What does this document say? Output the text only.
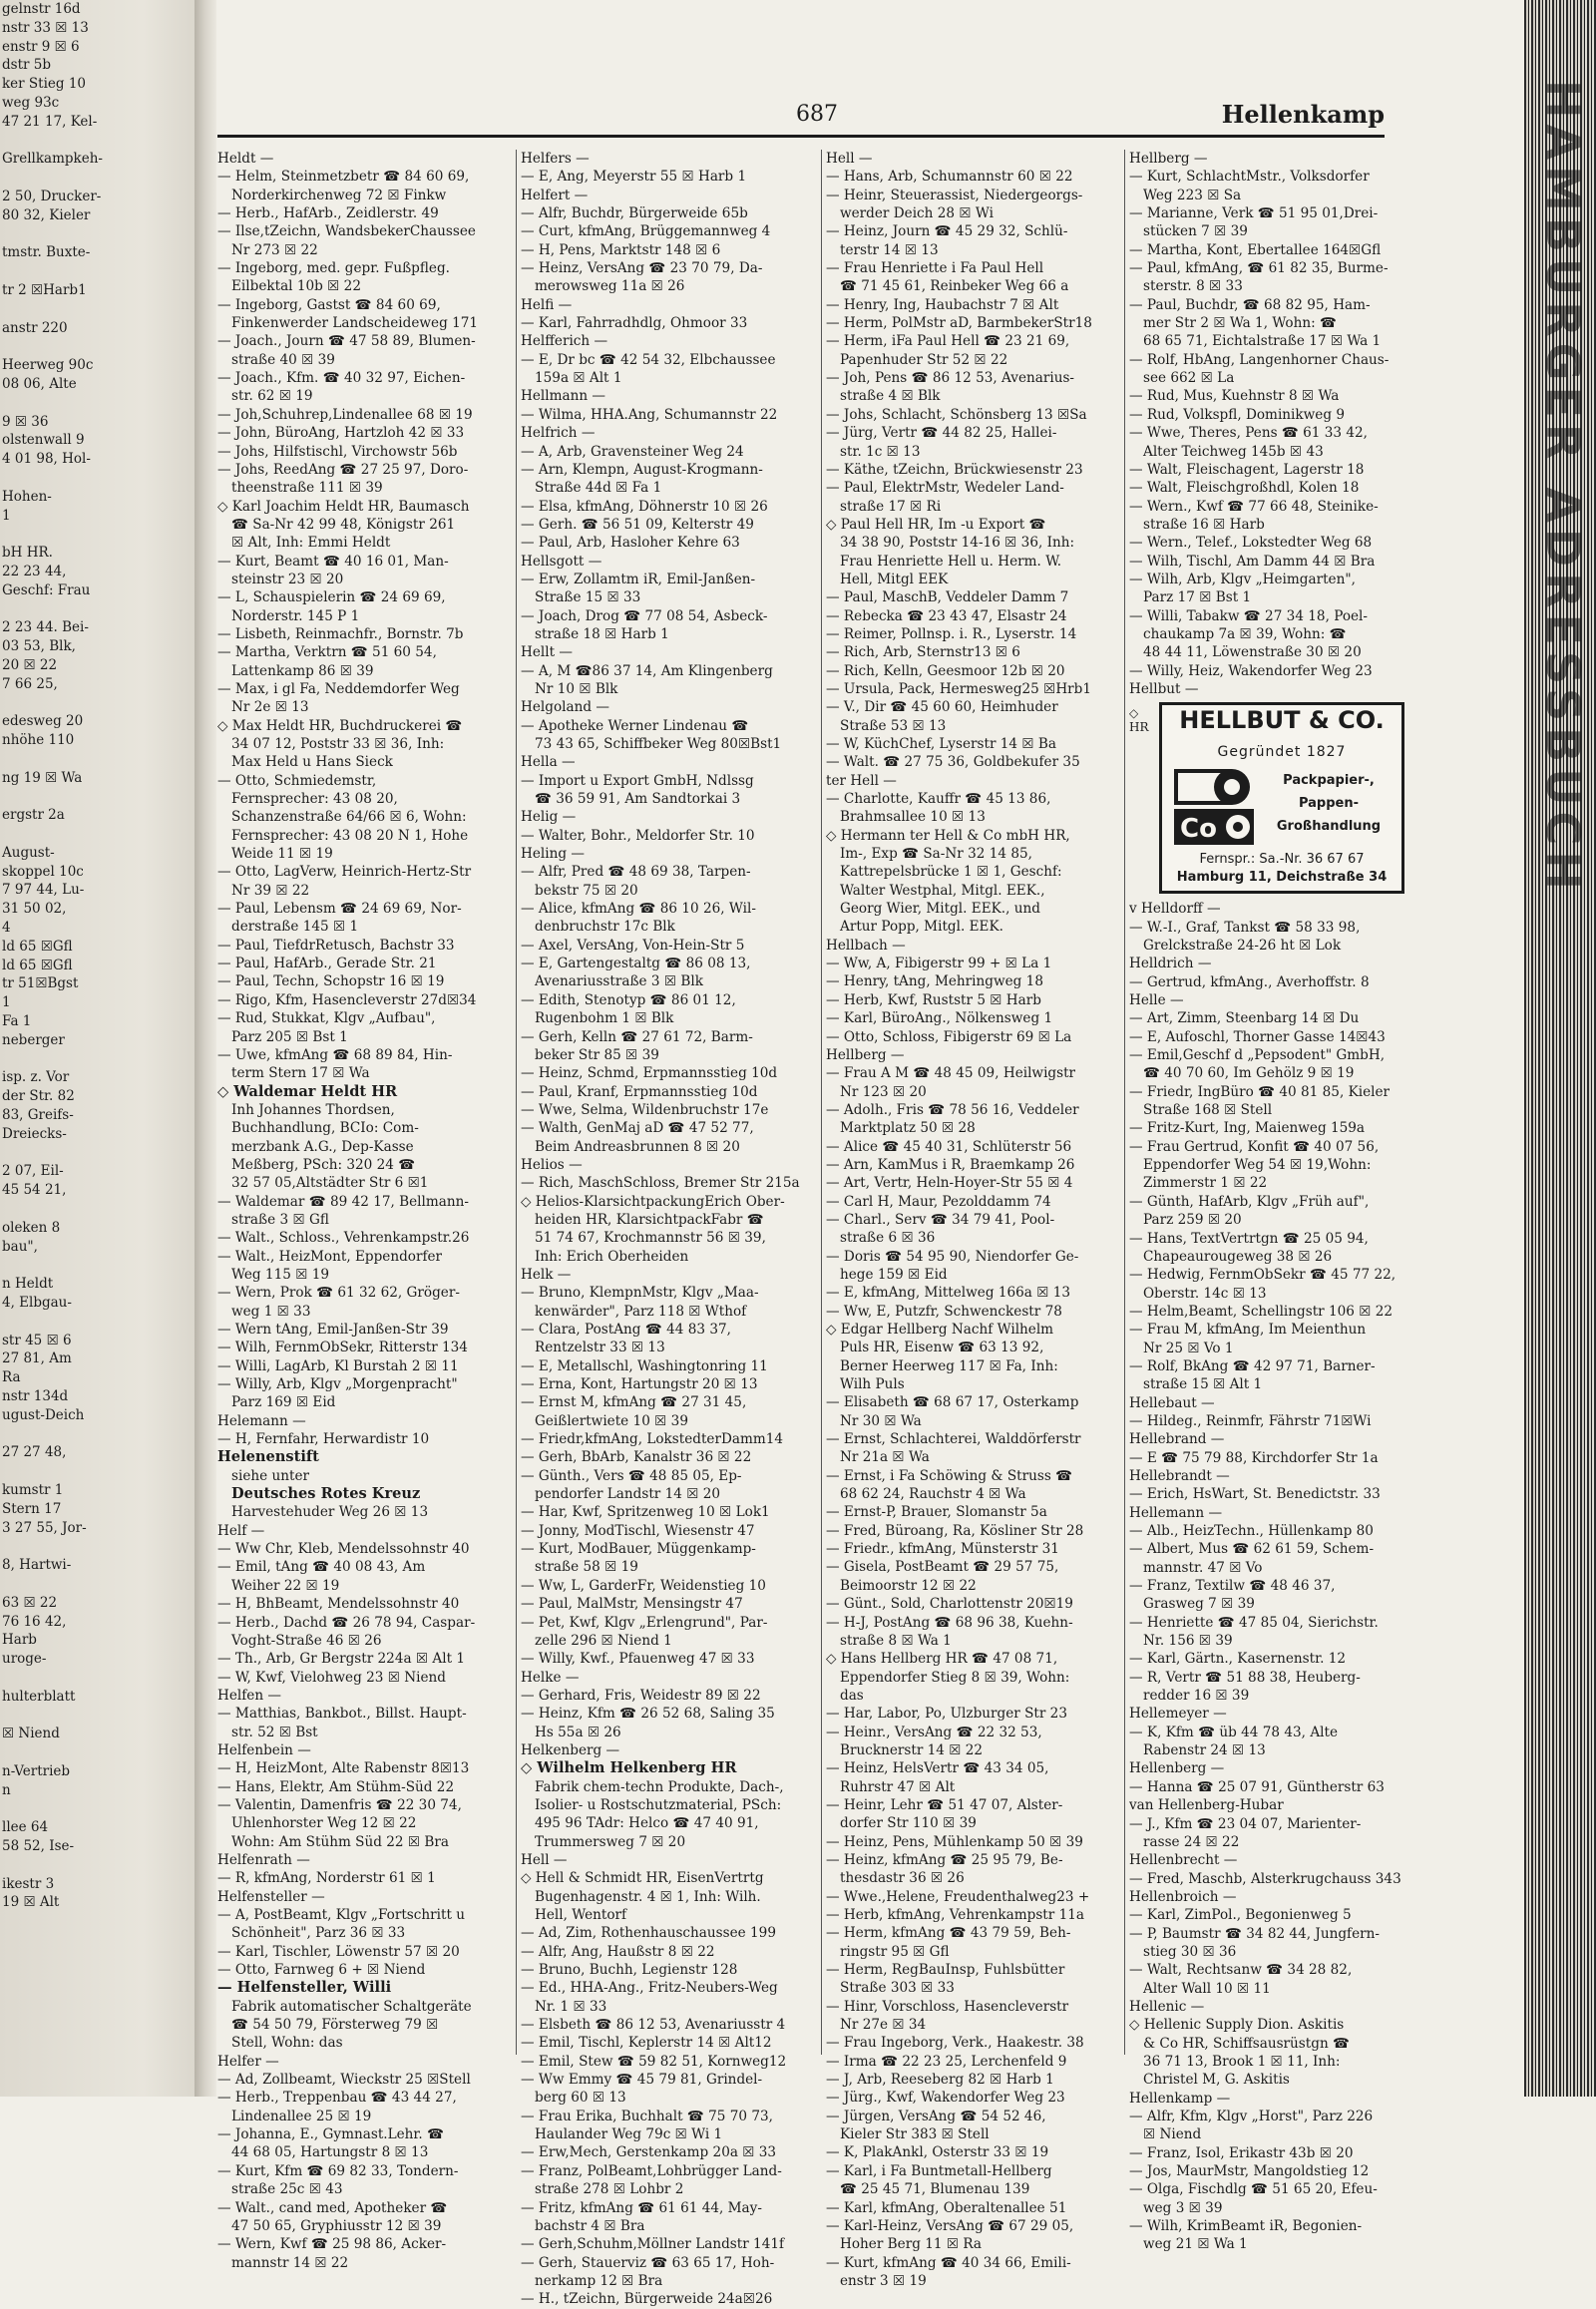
gelnstr 16d
nstr 33 ☒ 13
enstr 9 ☒ 6
dstr 5b
ker Stieg 10
weg 93c
47 21 17, Kel-

Grellkampkeh-

2 50, Drucker-
80 32, Kieler

tmstr. Buxte-

tr 2 ☒Harb1

anstr 220

Heerweg 90c
08 06, Alte

9 ☒ 36
olstenwall 9
4 01 98, Hol-

Hohen-
1

bH HR.
22 23 44,
Geschf: Frau

2 23 44. Bei-
03 53, Blk,
20 ☒ 22
7 66 25,

edesweg 20
nhöhe 110

ng 19 ☒ Wa

ergstr 2a

August-
skoppel 10c
7 97 44, Lu-
31 50 02,
4
ld 65 ☒Gfl
ld 65 ☒Gfl
tr 51☒Bgst
1
Fa 1
neberger

isp. z. Vor
der Str. 82
83, Greifs-
Dreiecks-

2 07, Eil-
45 54 21,

oleken 8
bau",

n Heldt
4, Elbgau-

str 45 ☒ 6
27 81, Am
Ra
nstr 134d
ugust-Deich

27 27 48,

kumstr 1
Stern 17
3 27 55, Jor-

8, Hartwi-

63 ☒ 22
76 16 42,
Harb
uroge-

hulterblatt

☒ Niend

n-Vertrieb
n

llee 64
58 52, Ise-

ikestr 3
19 ☒ Alt
HAMBURGER ADRESSBUCH
687	Hellenkamp
Heldt —
— Helm, Steinmetzbetr ☎ 84 60 69,
Norderkirchenweg 72 ☒ Finkw
— Herb., HafArb., Zeidlerstr. 49
— Ilse,tZeichn, WandsbekerChaussee
Nr 273 ☒ 22
— Ingeborg, med. gepr. Fußpfleg.
Eilbektal 10b ☒ 22
— Ingeborg, Gastst ☎ 84 60 69,
Finkenwerder Landscheideweg 171
— Joach., Journ ☎ 47 58 89, Blumen-
straße 40 ☒ 39
— Joach., Kfm. ☎ 40 32 97, Eichen-
str. 62 ☒ 19
— Joh,Schuhrep,Lindenallee 68 ☒ 19
— John, BüroAng, Hartzloh 42 ☒ 33
— Johs, Hilfstischl, Virchowstr 56b
— Johs, ReedAng ☎ 27 25 97, Doro-
theenstraße 111 ☒ 39
◇ Karl Joachim Heldt HR, Baumasch
☎ Sa-Nr 42 99 48, Königstr 261
☒ Alt, Inh: Emmi Heldt
— Kurt, Beamt ☎ 40 16 01, Man-
steinstr 23 ☒ 20
— L, Schauspielerin ☎ 24 69 69,
Norderstr. 145 P 1
— Lisbeth, Reinmachfr., Bornstr. 7b
— Martha, Verktrn ☎ 51 60 54,
Lattenkamp 86 ☒ 39
— Max, i gl Fa, Neddemdorfer Weg
Nr 2e ☒ 13
◇ Max Heldt HR, Buchdruckerei ☎
34 07 12, Poststr 33 ☒ 36, Inh:
Max Held u Hans Sieck
— Otto, Schmiedemstr,
Fernsprecher: 43 08 20,
Schanzenstraße 64/66 ☒ 6, Wohn:
Fernsprecher: 43 08 20 N 1, Hohe
Weide 11 ☒ 19
— Otto, LagVerw, Heinrich-Hertz-Str
Nr 39 ☒ 22
— Paul, Lebensm ☎ 24 69 69, Nor-
derstraße 145 ☒ 1
— Paul, TiefdrRetusch, Bachstr 33
— Paul, HafArb., Gerade Str. 21
— Paul, Techn, Schopstr 16 ☒ 19
— Rigo, Kfm, Hasencleverstr 27d☒34
— Rud, Stukkat, Klgv „Aufbau",
Parz 205 ☒ Bst 1
— Uwe, kfmAng ☎ 68 89 84, Hin-
term Stern 17 ☒ Wa
◇ Waldemar Heldt HR
Inh Johannes Thordsen,
Buchhandlung, BCIo: Com-
merzbank A.G., Dep-Kasse
Meßberg, PSch: 320 24 ☎
32 57 05,Altstädter Str 6 ☒1
— Waldemar ☎ 89 42 17, Bellmann-
straße 3 ☒ Gfl
— Walt., Schloss., Vehrenkampstr.26
— Walt., HeizMont, Eppendorfer
Weg 115 ☒ 19
— Wern, Prok ☎ 61 32 62, Gröger-
weg 1 ☒ 33
— Wern tAng, Emil-Janßen-Str 39
— Wilh, FernmObSekr, Ritterstr 134
— Willi, LagArb, Kl Burstah 2 ☒ 11
— Willy, Arb, Klgv „Morgenpracht"
Parz 169 ☒ Eid
Helemann —
— H, Fernfahr, Herwardistr 10
Helenenstift
siehe unter
Deutsches Rotes Kreuz
Harvestehuder Weg 26 ☒ 13
Helf —
— Ww Chr, Kleb, Mendelssohnstr 40
— Emil, tAng ☎ 40 08 43, Am
Weiher 22 ☒ 19
— H, BhBeamt, Mendelssohnstr 40
— Herb., Dachd ☎ 26 78 94, Caspar-
Voght-Straße 46 ☒ 26
— Th., Arb, Gr Bergstr 224a ☒ Alt 1
— W, Kwf, Vielohweg 23 ☒ Niend
Helfen —
— Matthias, Bankbot., Billst. Haupt-
str. 52 ☒ Bst
Helfenbein —
— H, HeizMont, Alte Rabenstr 8☒13
— Hans, Elektr, Am Stühm-Süd 22
— Valentin, Damenfris ☎ 22 30 74,
Uhlenhorster Weg 12 ☒ 22
Wohn: Am Stühm Süd 22 ☒ Bra
Helfenrath —
— R, kfmAng, Norderstr 61 ☒ 1
Helfensteller —
— A, PostBeamt, Klgv „Fortschritt u
Schönheit", Parz 36 ☒ 33
— Karl, Tischler, Löwenstr 57 ☒ 20
— Otto, Farnweg 6 + ☒ Niend
— Helfensteller, Willi
Fabrik automatischer Schaltgeräte
☎ 54 50 79, Försterweg 79 ☒
Stell, Wohn: das
Helfer —
— Ad, Zollbeamt, Wieckstr 25 ☒Stell
— Herb., Treppenbau ☎ 43 44 27,
Lindenallee 25 ☒ 19
— Johanna, E., Gymnast.Lehr. ☎
44 68 05, Hartungstr 8 ☒ 13
— Kurt, Kfm ☎ 69 82 33, Tondern-
straße 25c ☒ 43
— Walt., cand med, Apotheker ☎
47 50 65, Gryphiusstr 12 ☒ 39
— Wern, Kwf ☎ 25 98 86, Acker-
mannstr 14 ☒ 22
Helfers —
— E, Ang, Meyerstr 55 ☒ Harb 1
Helfert —
— Alfr, Buchdr, Bürgerweide 65b
— Curt, kfmAng, Brüggemannweg 4
— H, Pens, Marktstr 148 ☒ 6
— Heinz, VersAng ☎ 23 70 79, Da-
merowsweg 11a ☒ 26
Helfi —
— Karl, Fahrradhdlg, Ohmoor 33
Helfferich —
— E, Dr bc ☎ 42 54 32, Elbchaussee
159a ☒ Alt 1
Hellmann —
— Wilma, HHA.Ang, Schumannstr 22
Helfrich —
— A, Arb, Gravensteiner Weg 24
— Arn, Klempn, August-Krogmann-
Straße 44d ☒ Fa 1
— Elsa, kfmAng, Döhnerstr 10 ☒ 26
— Gerh. ☎ 56 51 09, Kelterstr 49
— Paul, Arb, Hasloher Kehre 63
Hellsgott —
— Erw, Zollamtm iR, Emil-Janßen-
Straße 15 ☒ 33
— Joach, Drog ☎ 77 08 54, Asbeck-
straße 18 ☒ Harb 1
Hellt —
— A, M ☎86 37 14, Am Klingenberg
Nr 10 ☒ Blk
Helgoland —
— Apotheke Werner Lindenau ☎
73 43 65, Schiffbeker Weg 80☒Bst1
Hella —
— Import u Export GmbH, Ndlssg
☎ 36 59 91, Am Sandtorkai 3
Helig —
— Walter, Bohr., Meldorfer Str. 10
Heling —
— Alfr, Pred ☎ 48 69 38, Tarpen-
bekstr 75 ☒ 20
— Alice, kfmAng ☎ 86 10 26, Wil-
denbruchstr 17c Blk
— Axel, VersAng, Von-Hein-Str 5
— E, Gartengestaltg ☎ 86 08 13,
Avenariusstraße 3 ☒ Blk
— Edith, Stenotyp ☎ 86 01 12,
Rugenbohm 1 ☒ Blk
— Gerh, Kelln ☎ 27 61 72, Barm-
beker Str 85 ☒ 39
— Heinz, Schmd, Erpmannsstieg 10d
— Paul, Kranf, Erpmannsstieg 10d
— Wwe, Selma, Wildenbruchstr 17e
— Walth, GenMaj aD ☎ 47 52 77,
Beim Andreasbrunnen 8 ☒ 20
Helios —
— Rich, MaschSchloss, Bremer Str 215a
◇ Helios-KlarsichtpackungErich Ober-
heiden HR, KlarsichtpackFabr ☎
51 74 67, Krochmannstr 56 ☒ 39,
Inh: Erich Oberheiden
Helk —
— Bruno, KlempnMstr, Klgv „Maa-
kenwärder", Parz 118 ☒ Wthof
— Clara, PostAng ☎ 44 83 37,
Rentzelstr 33 ☒ 13
— E, Metallschl, Washingtonring 11
— Erna, Kont, Hartungstr 20 ☒ 13
— Ernst M, kfmAng ☎ 27 31 45,
Geißlertwiete 10 ☒ 39
— Friedr,kfmAng, LokstedterDamm14
— Gerh, BbArb, Kanalstr 36 ☒ 22
— Günth., Vers ☎ 48 85 05, Ep-
pendorfer Landstr 14 ☒ 20
— Har, Kwf, Spritzenweg 10 ☒ Lok1
— Jonny, ModTischl, Wiesenstr 47
— Kurt, ModBauer, Müggenkamp-
straße 58 ☒ 19
— Ww, L, GarderFr, Weidenstieg 10
— Paul, MalMstr, Mensingstr 47
— Pet, Kwf, Klgv „Erlengrund", Par-
zelle 296 ☒ Niend 1
— Willy, Kwf., Pfauenweg 47 ☒ 33
Helke —
— Gerhard, Fris, Weidestr 89 ☒ 22
— Heinz, Kfm ☎ 26 52 68, Saling 35
Hs 55a ☒ 26
Helkenberg —
◇ Wilhelm Helkenberg HR
Fabrik chem-techn Produkte, Dach-,
Isolier- u Rostschutzmaterial, PSch:
495 96 TAdr: Helco ☎ 47 40 91,
Trummersweg 7 ☒ 20
Hell —
◇ Hell & Schmidt HR, EisenVertrtg
Bugenhagenstr. 4 ☒ 1, Inh: Wilh.
Hell, Wentorf
— Ad, Zim, Rothenhauschaussee 199
— Alfr, Ang, Haußstr 8 ☒ 22
— Bruno, Buchh, Legienstr 128
— Ed., HHA-Ang., Fritz-Neubers-Weg
Nr. 1 ☒ 33
— Elsbeth ☎ 86 12 53, Avenariusstr 4
— Emil, Tischl, Keplerstr 14 ☒ Alt12
— Emil, Stew ☎ 59 82 51, Kornweg12
— Ww Emmy ☎ 45 79 81, Grindel-
berg 60 ☒ 13
— Frau Erika, Buchhalt ☎ 75 70 73,
Haulander Weg 79c ☒ Wi 1
— Erw,Mech, Gerstenkamp 20a ☒ 33
— Franz, PolBeamt,Lohbrügger Land-
straße 278 ☒ Lohbr 2
— Fritz, kfmAng ☎ 61 61 44, May-
bachstr 4 ☒ Bra
— Gerh,Schuhm,Möllner Landstr 141f
— Gerh, Stauerviz ☎ 63 65 17, Hoh-
nerkamp 12 ☒ Bra
— H., tZeichn, Bürgerweide 24a☒26
Hell —
— Hans, Arb, Schumannstr 60 ☒ 22
— Heinr, Steuerassist, Niedergeorgs-
werder Deich 28 ☒ Wi
— Heinz, Journ ☎ 45 29 32, Schlü-
terstr 14 ☒ 13
— Frau Henriette i Fa Paul Hell
☎ 71 45 61, Reinbeker Weg 66 a
— Henry, Ing, Haubachstr 7 ☒ Alt
— Herm, PolMstr aD, BarmbekerStr18
— Herm, iFa Paul Hell ☎ 23 21 69,
Papenhuder Str 52 ☒ 22
— Joh, Pens ☎ 86 12 53, Avenarius-
straße 4 ☒ Blk
— Johs, Schlacht, Schönsberg 13 ☒Sa
— Jürg, Vertr ☎ 44 82 25, Hallei-
str. 1c ☒ 13
— Käthe, tZeichn, Brückwiesenstr 23
— Paul, ElektrMstr, Wedeler Land-
straße 17 ☒ Ri
◇ Paul Hell HR, Im -u Export ☎
34 38 90, Poststr 14-16 ☒ 36, Inh:
Frau Henriette Hell u. Herm. W.
Hell, Mitgl EEK
— Paul, MaschB, Veddeler Damm 7
— Rebecka ☎ 23 43 47, Elsastr 24
— Reimer, Pollnsp. i. R., Lyserstr. 14
— Rich, Arb, Sternstr13 ☒ 6
— Rich, Kelln, Geesmoor 12b ☒ 20
— Ursula, Pack, Hermesweg25 ☒Hrb1
— V., Dir ☎ 45 60 60, Heimhuder
Straße 53 ☒ 13
— W, KüchChef, Lyserstr 14 ☒ Ba
— Walt. ☎ 27 75 36, Goldbekufer 35
ter Hell —
— Charlotte, Kauffr ☎ 45 13 86,
Brahmsallee 10 ☒ 13
◇ Hermann ter Hell & Co mbH HR,
Im-, Exp ☎ Sa-Nr 32 14 85,
Kattrepelsbrücke 1 ☒ 1, Geschf:
Walter Westphal, Mitgl. EEK.,
Georg Wier, Mitgl. EEK., und
Artur Popp, Mitgl. EEK.
Hellbach —
— Ww, A, Fibigerstr 99 + ☒ La 1
— Henry, tAng, Mehringweg 18
— Herb, Kwf, Ruststr 5 ☒ Harb
— Karl, BüroAng., Nölkensweg 1
— Otto, Schloss, Fibigerstr 69 ☒ La
Hellberg —
— Frau A M ☎ 48 45 09, Heilwigstr
Nr 123 ☒ 20
— Adolh., Fris ☎ 78 56 16, Veddeler
Marktplatz 50 ☒ 28
— Alice ☎ 45 40 31, Schlüterstr 56
— Arn, KamMus i R, Braemkamp 26
— Art, Vertr, Heln-Hoyer-Str 55 ☒ 4
— Carl H, Maur, Pezolddamm 74
— Charl., Serv ☎ 34 79 41, Pool-
straße 6 ☒ 36
— Doris ☎ 54 95 90, Niendorfer Ge-
hege 159 ☒ Eid
— E, kfmAng, Mittelweg 166a ☒ 13
— Ww, E, Putzfr, Schwenckestr 78
◇ Edgar Hellberg Nachf Wilhelm
Puls HR, Eisenw ☎ 63 13 92,
Berner Heerweg 117 ☒ Fa, Inh:
Wilh Puls
— Elisabeth ☎ 68 67 17, Osterkamp
Nr 30 ☒ Wa
— Ernst, Schlachterei, Walddörferstr
Nr 21a ☒ Wa
— Ernst, i Fa Schöwing & Struss ☎
68 62 24, Rauchstr 4 ☒ Wa
— Ernst-P, Brauer, Slomanstr 5a
— Fred, Büroang, Ra, Kösliner Str 28
— Friedr., kfmAng, Münsterstr 31
— Gisela, PostBeamt ☎ 29 57 75,
Beimoorstr 12 ☒ 22
— Günt., Sold, Charlottenstr 20☒19
— H-J, PostAng ☎ 68 96 38, Kuehn-
straße 8 ☒ Wa 1
◇ Hans Hellberg HR ☎ 47 08 71,
Eppendorfer Stieg 8 ☒ 39, Wohn:
das
— Har, Labor, Po, Ulzburger Str 23
— Heinr., VersAng ☎ 22 32 53,
Brucknerstr 14 ☒ 22
— Heinz, HelsVertr ☎ 43 34 05,
Ruhrstr 47 ☒ Alt
— Heinr, Lehr ☎ 51 47 07, Alster-
dorfer Str 110 ☒ 39
— Heinz, Pens, Mühlenkamp 50 ☒ 39
— Heinz, kfmAng ☎ 25 95 79, Be-
thesdastr 36 ☒ 26
— Wwe.,Helene, Freudenthalweg23 +
— Herb, kfmAng, Vehrenkampstr 11a
— Herm, kfmAng ☎ 43 79 59, Beh-
ringstr 95 ☒ Gfl
— Herm, RegBauInsp, Fuhlsbütter
Straße 303 ☒ 33
— Hinr, Vorschloss, Hasencleverstr
Nr 27e ☒ 34
— Frau Ingeborg, Verk., Haakestr. 38
— Irma ☎ 22 23 25, Lerchenfeld 9
— J, Arb, Reeseberg 82 ☒ Harb 1
— Jürg., Kwf, Wakendorfer Weg 23
— Jürgen, VersAng ☎ 54 52 46,
Kieler Str 383 ☒ Stell
— K, PlakAnkl, Osterstr 33 ☒ 19
— Karl, i Fa Buntmetall-Hellberg
☎ 25 45 71, Blumenau 139
— Karl, kfmAng, Oberaltenallee 51
— Karl-Heinz, VersAng ☎ 67 29 05,
Hoher Berg 11 ☒ Ra
— Kurt, kfmAng ☎ 40 34 66, Emili-
enstr 3 ☒ 19
Hellberg —
— Kurt, SchlachtMstr., Volksdorfer
Weg 223 ☒ Sa
— Marianne, Verk ☎ 51 95 01,Drei-
stücken 7 ☒ 39
— Martha, Kont, Ebertallee 164☒Gfl
— Paul, kfmAng, ☎ 61 82 35, Burme-
sterstr. 8 ☒ 33
— Paul, Buchdr, ☎ 68 82 95, Ham-
mer Str 2 ☒ Wa 1, Wohn: ☎
68 65 71, Eichtalstraße 17 ☒ Wa 1
— Rolf, HbAng, Langenhorner Chaus-
see 662 ☒ La
— Rud, Mus, Kuehnstr 8 ☒ Wa
— Rud, Volkspfl, Dominikweg 9
— Wwe, Theres, Pens ☎ 61 33 42,
Alter Teichweg 145b ☒ 43
— Walt, Fleischagent, Lagerstr 18
— Walt, Fleischgroßhdl, Kolen 18
— Wern., Kwf ☎ 77 66 48, Steinike-
straße 16 ☒ Harb
— Wern., Telef., Lokstedter Weg 68
— Wilh, Tischl, Am Damm 44 ☒ Bra
— Wilh, Arb, Klgv „Heimgarten",
Parz 17 ☒ Bst 1
— Willi, Tabakw ☎ 27 34 18, Poel-
chaukamp 7a ☒ 39, Wohn: ☎
48 44 11, Löwenstraße 30 ☒ 20
— Willy, Heiz, Wakendorfer Weg 23
Hellbut —
◇ HR	HELLBUT & CO.
Gegründet 1827
Co
Packpapier-,
Pappen-
Großhandlung
Fernspr.: Sa.-Nr. 36 67 67
Hamburg 11, Deichstraße 34
v Helldorff —
— W.-I., Graf, Tankst ☎ 58 33 98,
Grelckstraße 24-26 ht ☒ Lok
Helldrich —
— Gertrud, kfmAng., Averhoffstr. 8
Helle —
— Art, Zimm, Steenbarg 14 ☒ Du
— E, Aufoschl, Thorner Gasse 14☒43
— Emil,Geschf d „Pepsodent" GmbH,
☎ 40 70 60, Im Gehölz 9 ☒ 19
— Friedr, IngBüro ☎ 40 81 85, Kieler
Straße 168 ☒ Stell
— Fritz-Kurt, Ing, Maienweg 159a
— Frau Gertrud, Konfit ☎ 40 07 56,
Eppendorfer Weg 54 ☒ 19,Wohn:
Zimmerstr 1 ☒ 22
— Günth, HafArb, Klgv „Früh auf",
Parz 259 ☒ 20
— Hans, TextVertrtgn ☎ 25 05 94,
Chapeaurougeweg 38 ☒ 26
— Hedwig, FernmObSekr ☎ 45 77 22,
Oberstr. 14c ☒ 13
— Helm,Beamt, Schellingstr 106 ☒ 22
— Frau M, kfmAng, Im Meienthun
Nr 25 ☒ Vo 1
— Rolf, BkAng ☎ 42 97 71, Barner-
straße 15 ☒ Alt 1
Hellebaut —
— Hildeg., Reinmfr, Fährstr 71☒Wi
Hellebrand —
— E ☎ 75 79 88, Kirchdorfer Str 1a
Hellebrandt —
— Erich, HsWart, St. Benedictstr. 33
Hellemann —
— Alb., HeizTechn., Hüllenkamp 80
— Albert, Mus ☎ 62 61 59, Schem-
mannstr. 47 ☒ Vo
— Franz, Textilw ☎ 48 46 37,
Grasweg 7 ☒ 39
— Henriette ☎ 47 85 04, Sierichstr.
Nr. 156 ☒ 39
— Karl, Gärtn., Kasernenstr. 12
— R, Vertr ☎ 51 88 38, Heuberg-
redder 16 ☒ 39
Hellemeyer —
— K, Kfm ☎ üb 44 78 43, Alte
Rabenstr 24 ☒ 13
Hellenberg —
— Hanna ☎ 25 07 91, Güntherstr 63
van Hellenberg-Hubar
— J., Kfm ☎ 23 04 07, Marienter-
rasse 24 ☒ 22
Hellenbrecht —
— Fred, Maschb, Alsterkrugchauss 343
Hellenbroich —
— Karl, ZimPol., Begonienweg 5
— P, Baumstr ☎ 34 82 44, Jungfern-
stieg 30 ☒ 36
— Walt, Rechtsanw ☎ 34 28 82,
Alter Wall 10 ☒ 11
Hellenic —
◇ Hellenic Supply Dion. Askitis
& Co HR, Schiffsausrüstgn ☎
36 71 13, Brook 1 ☒ 11, Inh:
Christel M, G. Askitis
Hellenkamp —
— Alfr, Kfm, Klgv „Horst", Parz 226
☒ Niend
— Franz, Isol, Erikastr 43b ☒ 20
— Jos, MaurMstr, Mangoldstieg 12
— Olga, Fischdlg ☎ 51 65 20, Efeu-
weg 3 ☒ 39
— Wilh, KrimBeamt iR, Begonien-
weg 21 ☒ Wa 1
